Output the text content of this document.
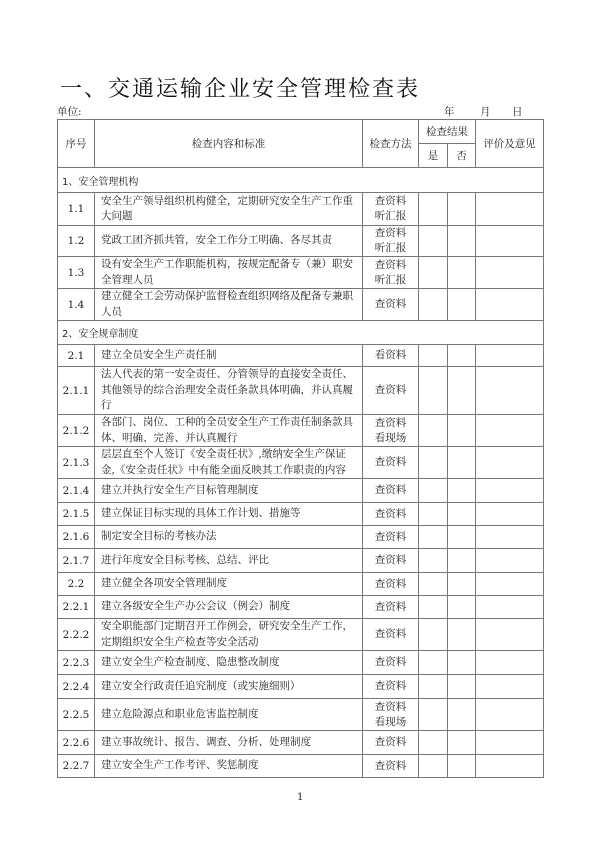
一、交通运输企业安全管理检查表
单位:	年 月 日
序号	检查内容和标准	检查方法	检查结果		评价及意见
			是	否	
1、安全管理机构					
1.1	安全生产领导组织机构健全，定期研究安全生产工作重大问题	查资料
听汇报			
1.2	党政工团齐抓共管，安全工作分工明确、各尽其责	查资料
听汇报			
1.3	设有安全生产工作职能机构，按规定配备专（兼）职安全管理人员	查资料
听汇报			
1.4	建立健全工会劳动保护监督检查组织网络及配备专兼职人员	查资料			
2、安全规章制度					
2.1	建立全员安全生产责任制	看资料			
2.1.1	法人代表的第一安全责任、分管领导的直接安全责任、其他领导的综合治理安全责任条款具体明确，并认真履行	查资料			
2.1.2	各部门、岗位、工种的全员安全生产工作责任制条款具体、明确、完善、并认真履行	查资料
看现场			
2.1.3	层层直至个人签订《安全责任状》,缴纳安全生产保证金,《安全责任状》中有能全面反映其工作职责的内容	查资料			
2.1.4	建立并执行安全生产目标管理制度	查资料			
2.1.5	建立保证目标实现的具体工作计划、措施等	查资料			
2.1.6	制定安全目标的考核办法	查资料			
2.1.7	进行年度安全目标考核、总结、评比	查资料			
2.2	建立健全各项安全管理制度	查资料			
2.2.1	建立各级安全生产办公会议（例会）制度	查资料			
2.2.2	安全职能部门定期召开工作例会，研究安全生产工作，定期组织安全生产检查等安全活动	查资料			
2.2.3	建立安全生产检查制度、隐患整改制度	查资料			
2.2.4	建立安全行政责任追究制度（或实施细则）	查资料			
2.2.5	建立危险源点和职业危害监控制度	查资料
看现场			
2.2.6	建立事故统计、报告、调查、分析、处理制度	查资料			
2.2.7	建立安全生产工作考评、奖惩制度	查资料			
1
